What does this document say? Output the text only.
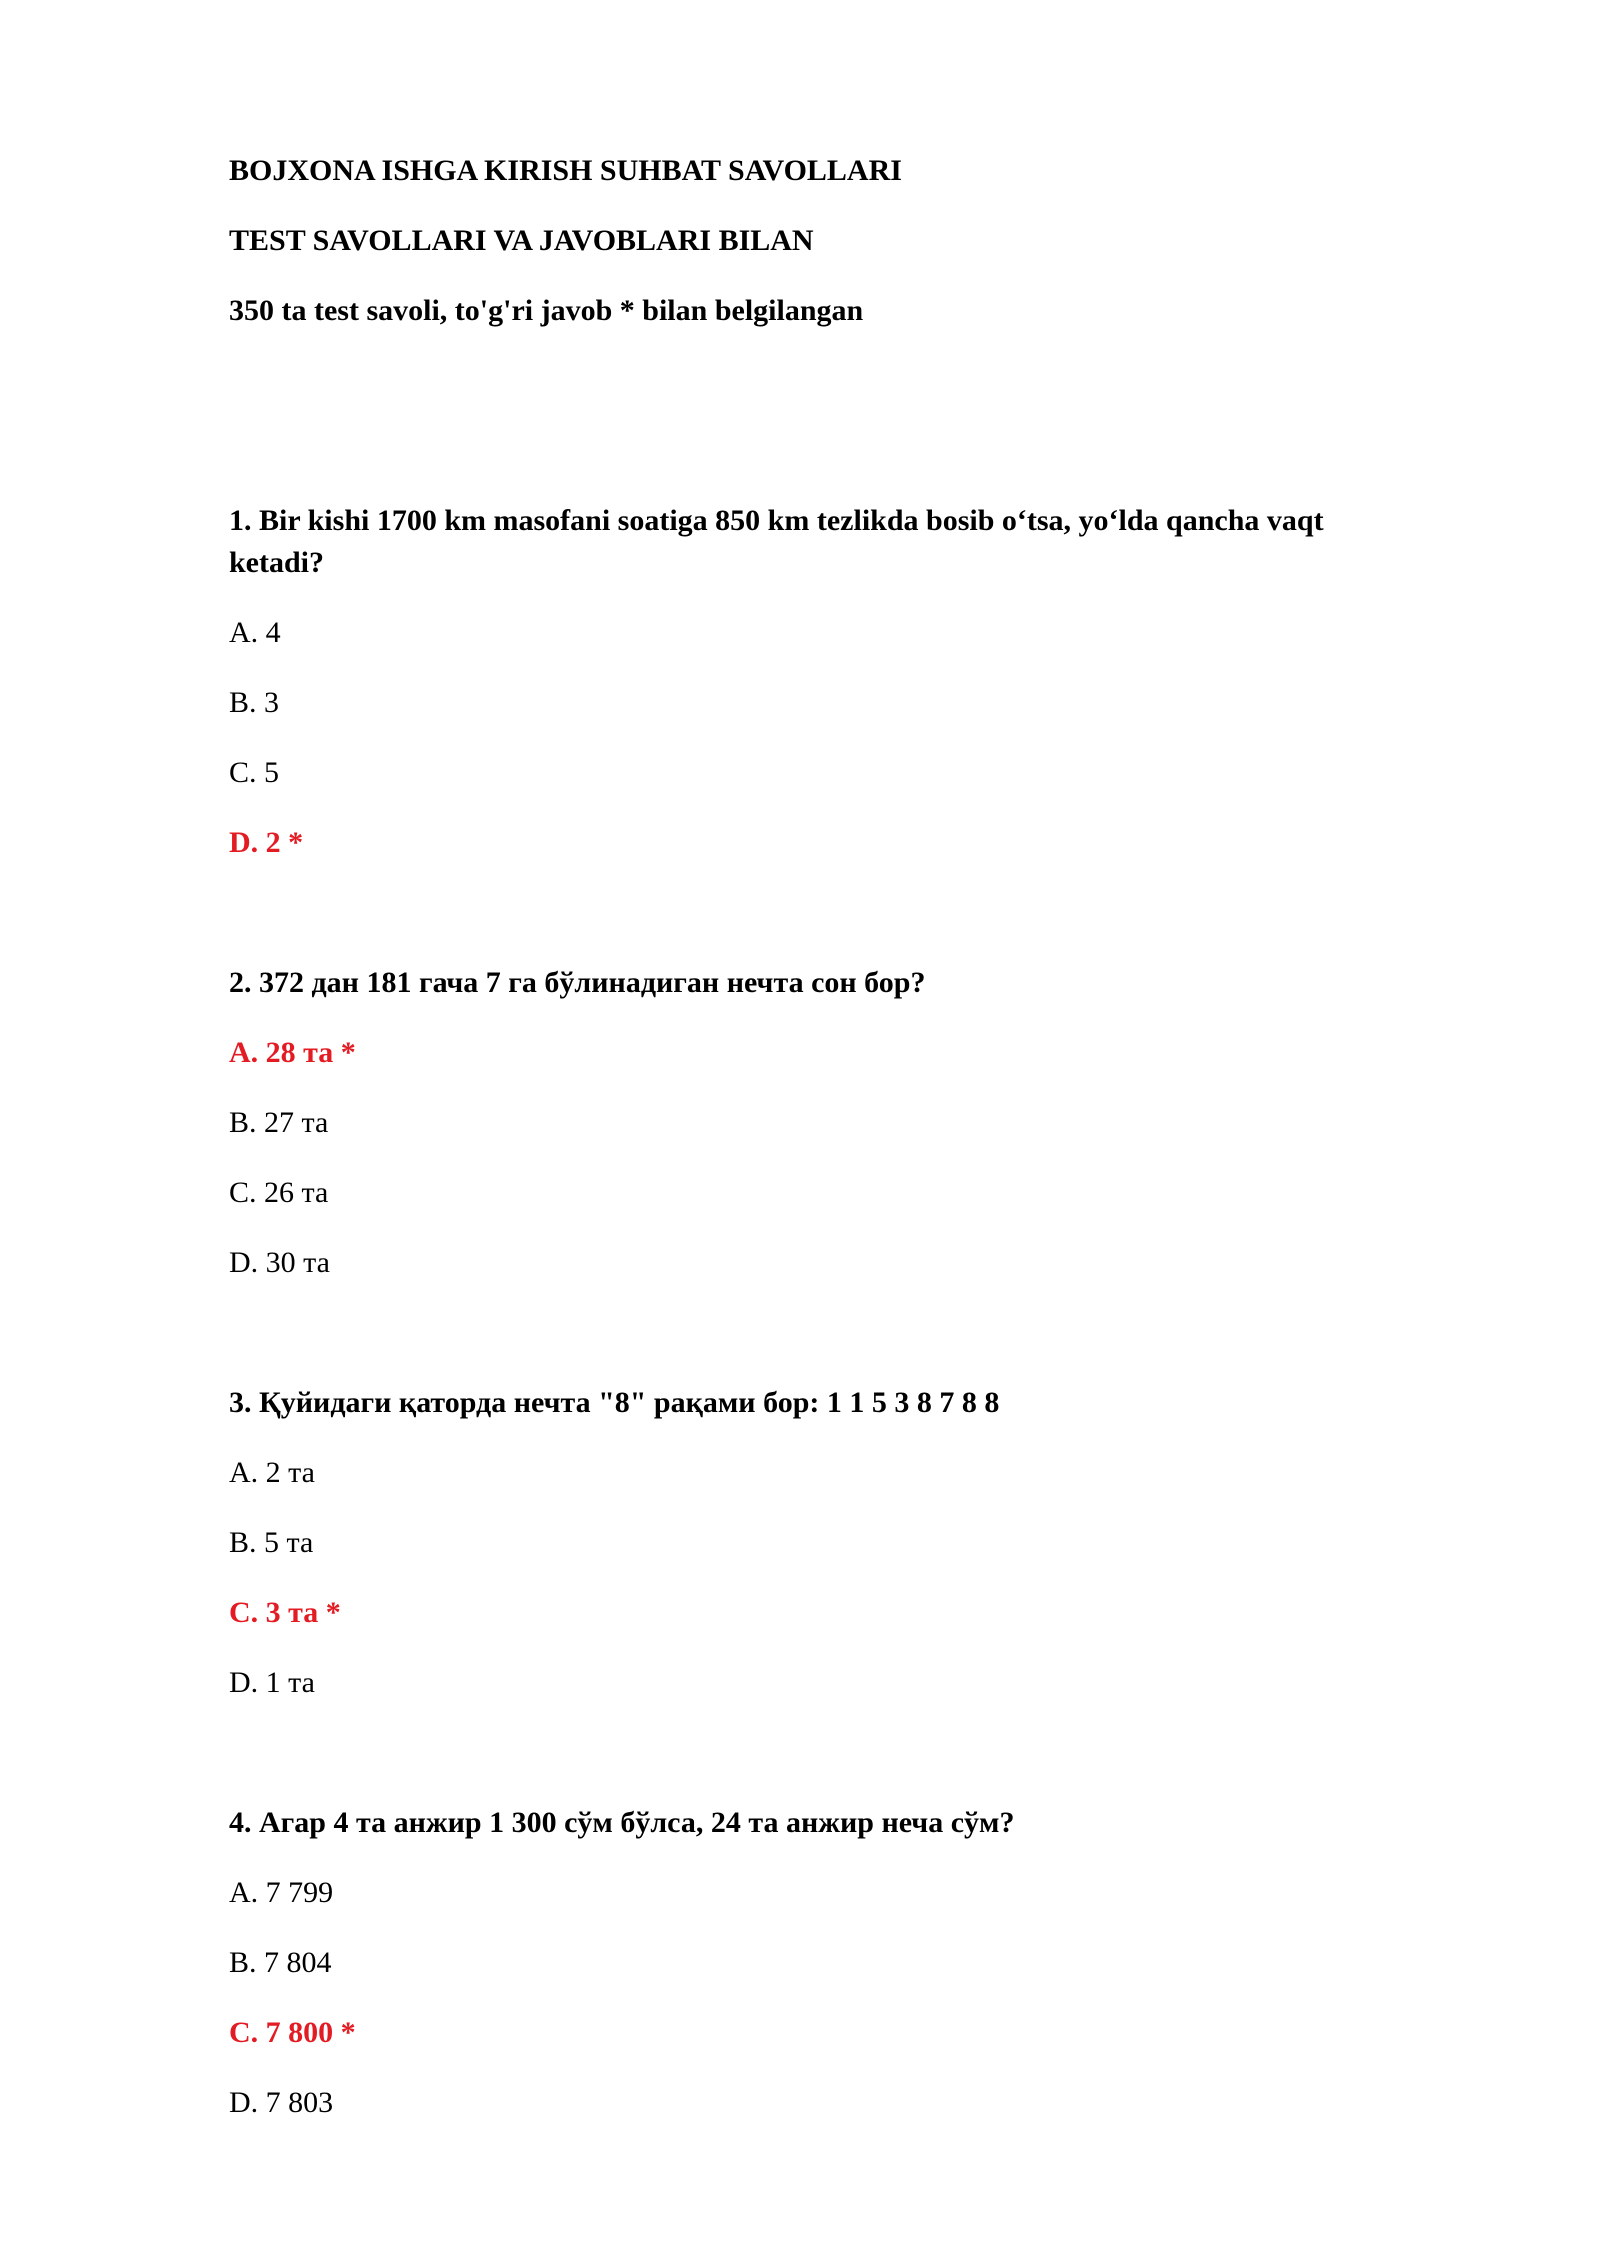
BOJXONA ISHGA KIRISH SUHBAT SAVOLLARI
TEST SAVOLLARI VA JAVOBLARI BILAN
350 ta test savoli, to'g'ri javob * bilan belgilangan
1. Bir kishi 1700 km masofani soatiga 850 km tezlikda bosib o‘tsa, yo‘lda qancha vaqt
ketadi?
A. 4
B. 3
C. 5
D. 2 *
2. 372 дан 181 гача 7 га бўлинадиган нечта сон бор?
A. 28 та *
B. 27 та
C. 26 та
D. 30 та
3. Қуйидаги қаторда нечта "8" рақами бор: 1 1 5 3 8 7 8 8
A. 2 та
B. 5 та
C. 3 та *
D. 1 та
4. Агар 4 та анжир 1 300 сўм бўлса, 24 та анжир неча сўм?
A. 7 799
B. 7 804
C. 7 800 *
D. 7 803
